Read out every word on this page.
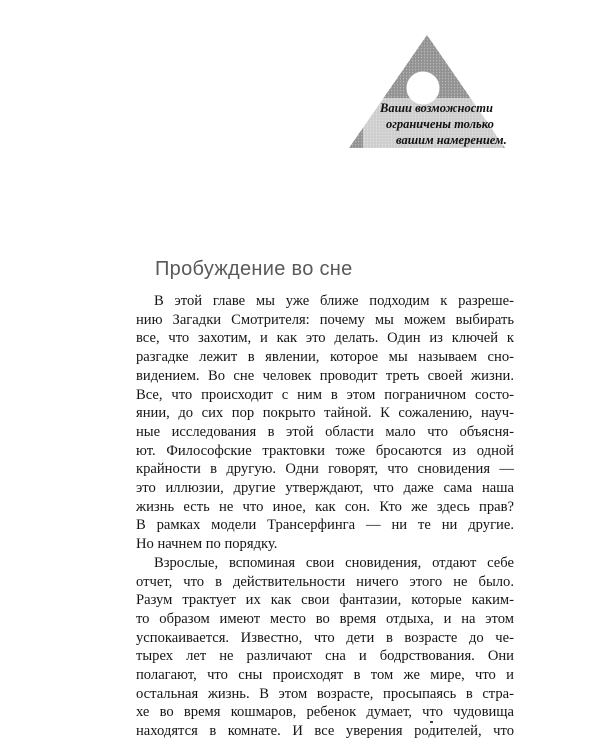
Ваши возможности
ограничены только
вашим намерением.
Пробуждение во сне

В этой главе мы уже ближе подходим к разреше-
нию Загадки Смотрителя: почему мы можем выбирать
все, что захотим, и как это делать. Один из ключей к
разгадке лежит в явлении, которое мы называем сно-
видением. Во сне человек проводит треть своей жизни.
Все, что происходит с ним в этом пограничном состо-
янии, до сих пор покрыто тайной. К сожалению, науч-
ные исследования в этой области мало что объясня-
ют. Философские трактовки тоже бросаются из одной
крайности в другую. Одни говорят, что сновидения —
это иллюзии, другие утверждают, что даже сама наша
жизнь есть не что иное, как сон. Кто же здесь прав?
В рамках модели Трансерфинга — ни те ни другие.
Но начнем по порядку.

Взрослые, вспоминая свои сновидения, отдают себе
отчет, что в действительности ничего этого не было.
Разум трактует их как свои фантазии, которые каким-
то образом имеют место во время отдыха, и на этом
успокаивается. Известно, что дети в возрасте до че-
тырех лет не различают сна и бодрствования. Они
полагают, что сны происходят в том же мире, что и
остальная жизнь. В этом возрасте, просыпаясь в стра-
хе во время кошмаров, ребенок думает, что чудовища
находятся в комнате. И все уверения родителей, что
